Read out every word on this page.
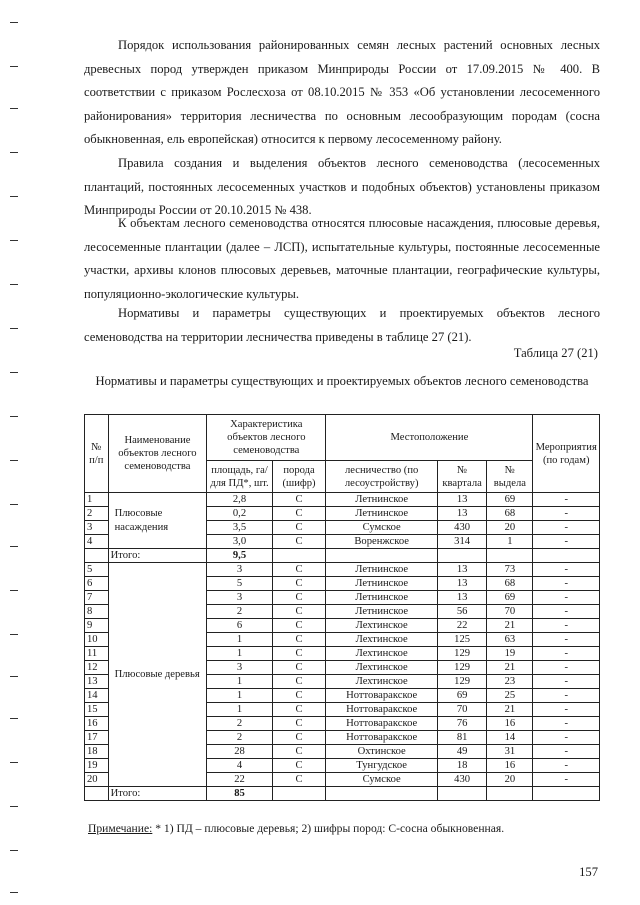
Порядок использования районированных семян лесных растений основных лесных древесных пород утвержден приказом Минприроды России от 17.09.2015 № 400. В соответствии с приказом Рослесхоза от 08.10.2015 № 353 «Об установлении лесосеменного районирования» территория лесничества по основным лесообразующим породам (сосна обыкновенная, ель европейская) относится к первому лесосеменному району.

Правила создания и выделения объектов лесного семеноводства (лесосеменных плантаций, постоянных лесосеменных участков и подобных объектов) установлены приказом Минприроды России от 20.10.2015 № 438.

К объектам лесного семеноводства относятся плюсовые насаждения, плюсовые деревья, лесосеменные плантации (далее – ЛСП), испытательные культуры, постоянные лесосеменные участки, архивы клонов плюсовых деревьев, маточные плантации, географические культуры, популяционно-экологические культуры.

Нормативы и параметры существующих и проектируемых объектов лесного семеноводства на территории лесничества приведены в таблице 27 (21).

Таблица 27 (21)
Нормативы и параметры существующих и проектируемых объектов лесного семеноводства
№ п/п	Наименование объектов лесного семеноводства	Характеристика объектов лесного семеноводства		Местоположение			Мероприятия (по годам)
		площадь, га/ для ПД*, шт.	порода (шифр)	лесничество (по лесоустройству)	№ квартала	№ выдела	
1	Плюсовые насаждения	2,8	С	Летнинское	13	69	-
2		0,2	С	Летнинское	13	68	-
3		3,5	С	Сумское	430	20	-
4		3,0	С	Воренжское	314	1	-
	Итого:	9,5					
5	Плюсовые деревья	3	С	Летнинское	13	73	-
6		5	С	Летнинское	13	68	-
7		3	С	Летнинское	13	69	-
8		2	С	Летнинское	56	70	-
9		6	С	Лехтинское	22	21	-
10		1	С	Лехтинское	125	63	-
11		1	С	Лехтинское	129	19	-
12		3	С	Лехтинское	129	21	-
13		1	С	Лехтинское	129	23	-
14		1	С	Ноттоваракское	69	25	-
15		1	С	Ноттоваракское	70	21	-
16		2	С	Ноттоваракское	76	16	-
17		2	С	Ноттоваракское	81	14	-
18		28	С	Охтинское	49	31	-
19		4	С	Тунгудское	18	16	-
20		22	С	Сумское	430	20	-
	Итого:	85					
Примечание: * 1) ПД – плюсовые деревья; 2) шифры пород: С-сосна обыкновенная.
157
